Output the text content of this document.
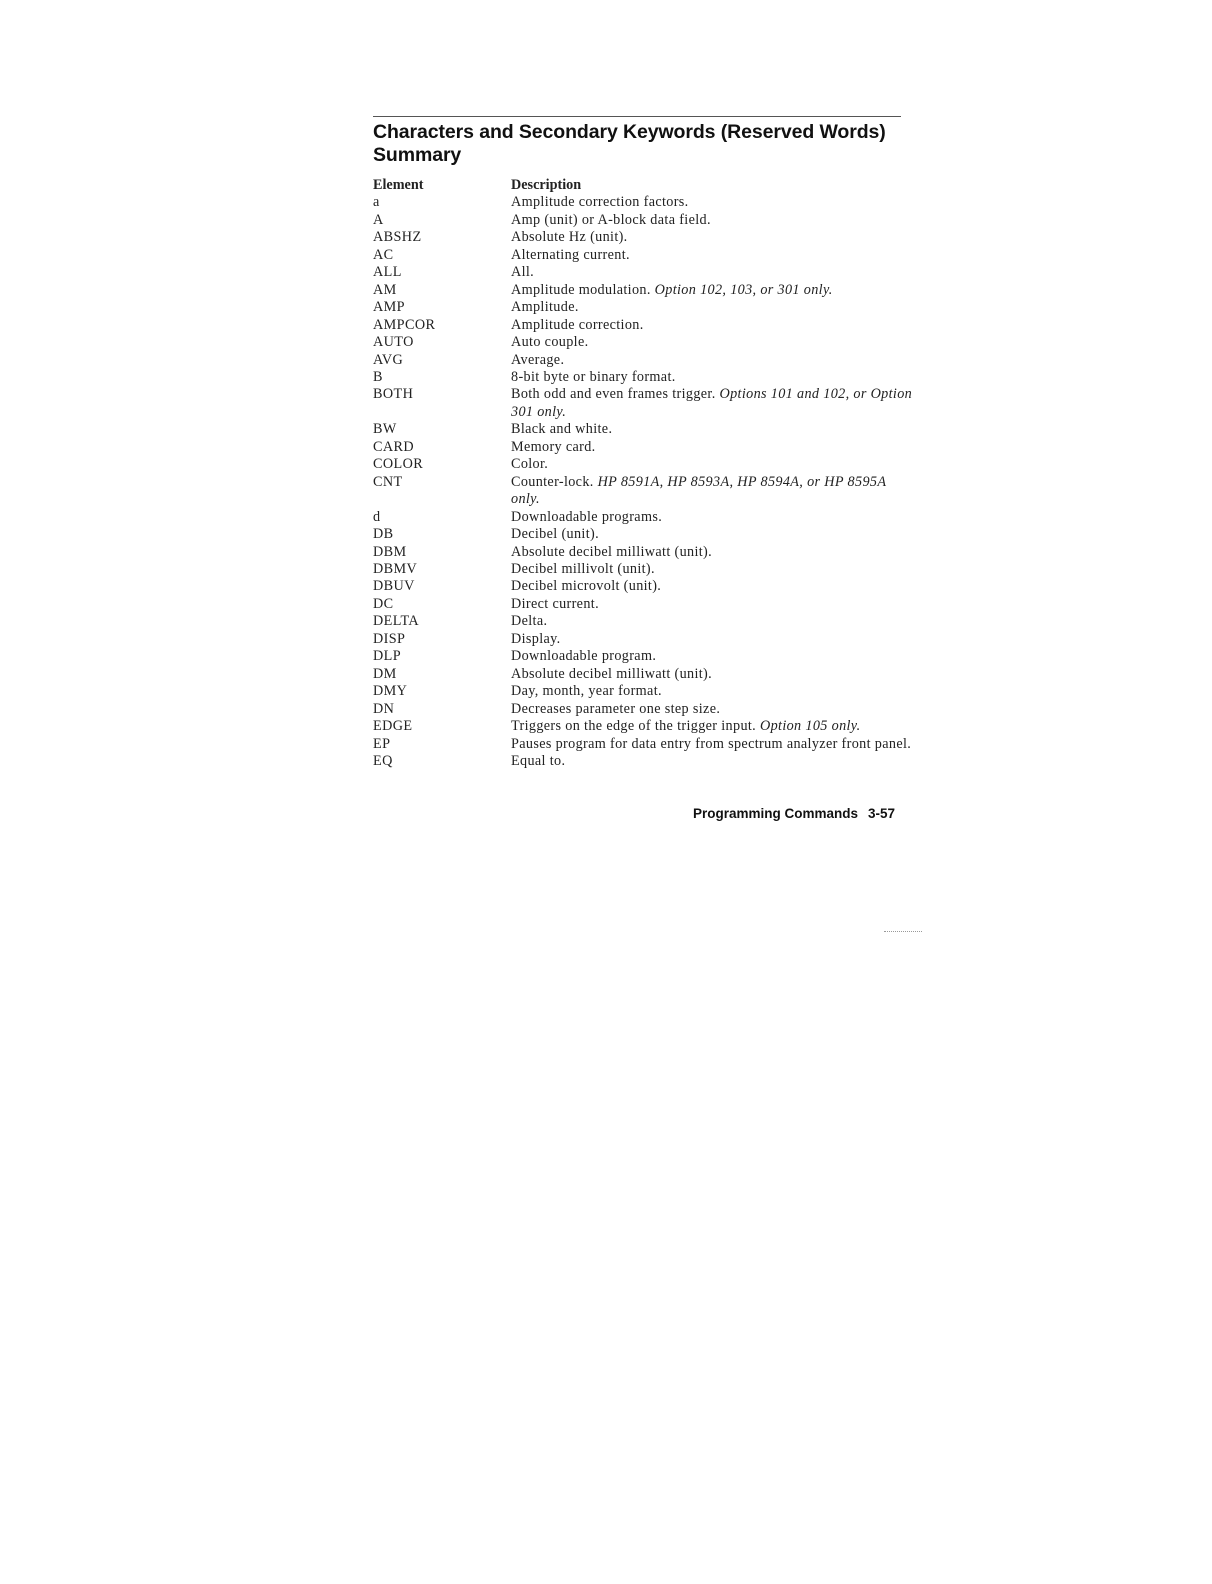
Characters and Secondary Keywords (Reserved Words)
Summary
Element	Description
a	Amplitude correction factors.
A	Amp (unit) or A-block data field.
ABSHZ	Absolute Hz (unit).
AC	Alternating current.
ALL	All.
AM	Amplitude modulation. Option 102, 103, or 301 only.
AMP	Amplitude.
AMPCOR	Amplitude correction.
AUTO	Auto couple.
AVG	Average.
B	8-bit byte or binary format.
BOTH	Both odd and even frames trigger. Options 101 and 102, or Option 301 only.
BW	Black and white.
CARD	Memory card.
COLOR	Color.
CNT	Counter-lock. HP 8591A, HP 8593A, HP 8594A, or HP 8595A only.
d	Downloadable programs.
DB	Decibel (unit).
DBM	Absolute decibel milliwatt (unit).
DBMV	Decibel millivolt (unit).
DBUV	Decibel microvolt (unit).
DC	Direct current.
DELTA	Delta.
DISP	Display.
DLP	Downloadable program.
DM	Absolute decibel milliwatt (unit).
DMY	Day, month, year format.
DN	Decreases parameter one step size.
EDGE	Triggers on the edge of the trigger input. Option 105 only.
EP	Pauses program for data entry from spectrum analyzer front panel.
EQ	Equal to.
Programming Commands 3-57
